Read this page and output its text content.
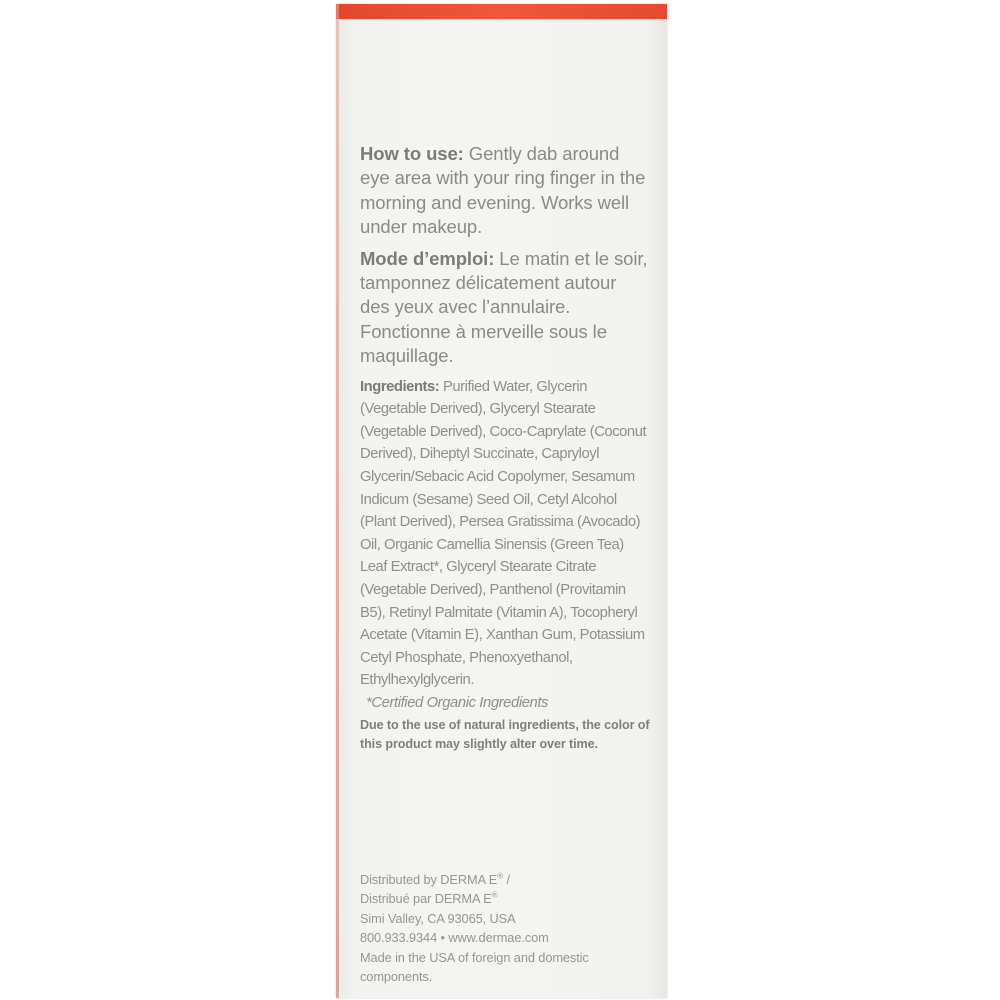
How to use: Gently dab around eye area with your ring finger in the morning and evening. Works well under makeup.

Mode d’emploi: Le matin et le soir, tamponnez délicatement autour des yeux avec l’annulaire. Fonctionne à merveille sous le maquillage.

Ingredients: Purified Water, Glycerin (Vegetable Derived), Glyceryl Stearate (Vegetable Derived), Coco-Caprylate (Coconut Derived), Diheptyl Succinate, Capryloyl Glycerin/Sebacic Acid Copolymer, Sesamum Indicum (Sesame) Seed Oil, Cetyl Alcohol (Plant Derived), Persea Gratissima (Avocado) Oil, Organic Camellia Sinensis (Green Tea) Leaf Extract*, Glyceryl Stearate Citrate (Vegetable Derived), Panthenol (Provitamin B5), Retinyl Palmitate (Vitamin A), Tocopheryl Acetate (Vitamin E), Xanthan Gum, Potassium Cetyl Phosphate, Phenoxyethanol, Ethylhexylglycerin.

*Certified Organic Ingredients

Due to the use of natural ingredients, the color of this product may slightly alter over time.

Distributed by DERMA E® /
Distribué par DERMA E®
Simi Valley, CA 93065, USA
800.933.9344 • www.dermae.com
Made in the USA of foreign and domestic
components.
